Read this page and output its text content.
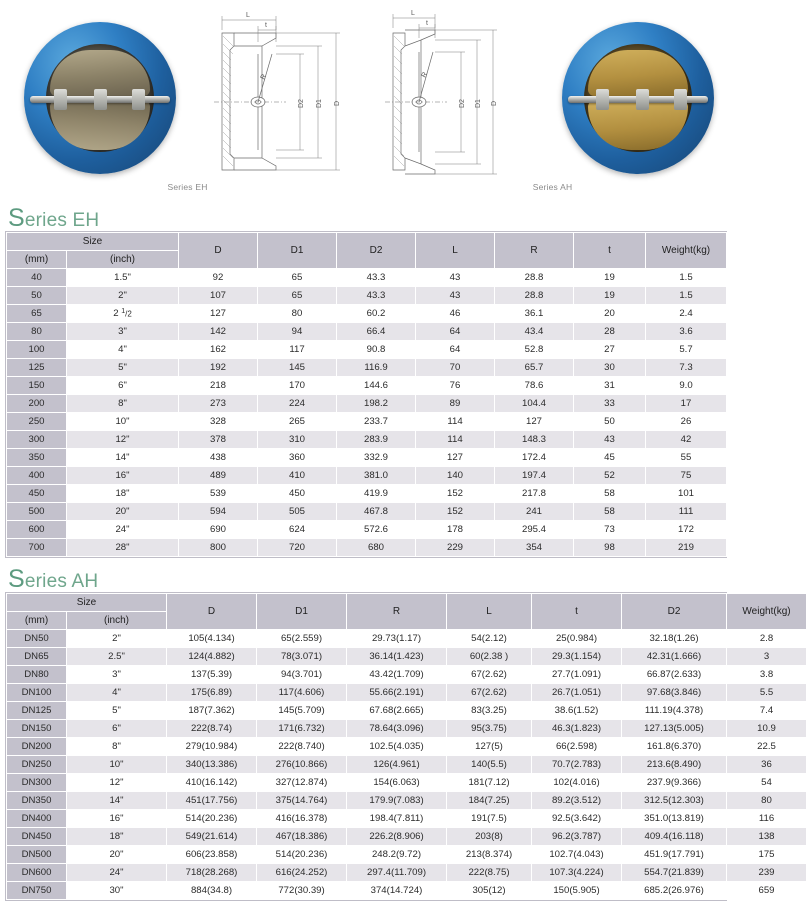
L
t
R
D2 D1 D
L
t
R
D2 D1 D
Series EH	Series AH
Series EH
Size		D	D1	D2	L	R	t	Weight(kg)
(mm)	(inch)							
40	1.5"	92	65	43.3	43	28.8	19	1.5
50	2"	107	65	43.3	43	28.8	19	1.5
65	2 $^1$/2	127	80	60.2	46	36.1	20	2.4
80	3"	142	94	66.4	64	43.4	28	3.6
100	4"	162	117	90.8	64	52.8	27	5.7
125	5"	192	145	116.9	70	65.7	30	7.3
150	6"	218	170	144.6	76	78.6	31	9.0
200	8"	273	224	198.2	89	104.4	33	17
250	10"	328	265	233.7	114	127	50	26
300	12"	378	310	283.9	114	148.3	43	42
350	14"	438	360	332.9	127	172.4	45	55
400	16"	489	410	381.0	140	197.4	52	75
450	18"	539	450	419.9	152	217.8	58	101
500	20"	594	505	467.8	152	241	58	111
600	24"	690	624	572.6	178	295.4	73	172
700	28"	800	720	680	229	354	98	219
Series AH
Size		D	D1	R	L	t	D2	Weight(kg)
(mm)	(inch)							
DN50	2"	105(4.134)	65(2.559)	29.73(1.17)	54(2.12)	25(0.984)	32.18(1.26)	2.8
DN65	2.5"	124(4.882)	78(3.071)	36.14(1.423)	60(2.38 )	29.3(1.154)	42.31(1.666)	3
DN80	3"	137(5.39)	94(3.701)	43.42(1.709)	67(2.62)	27.7(1.091)	66.87(2.633)	3.8
DN100	4"	175(6.89)	117(4.606)	55.66(2.191)	67(2.62)	26.7(1.051)	97.68(3.846)	5.5
DN125	5"	187(7.362)	145(5.709)	67.68(2.665)	83(3.25)	38.6(1.52)	111.19(4.378)	7.4
DN150	6"	222(8.74)	171(6.732)	78.64(3.096)	95(3.75)	46.3(1.823)	127.13(5.005)	10.9
DN200	8"	279(10.984)	222(8.740)	102.5(4.035)	127(5)	66(2.598)	161.8(6.370)	22.5
DN250	10"	340(13.386)	276(10.866)	126(4.961)	140(5.5)	70.7(2.783)	213.6(8.490)	36
DN300	12"	410(16.142)	327(12.874)	154(6.063)	181(7.12)	102(4.016)	237.9(9.366)	54
DN350	14"	451(17.756)	375(14.764)	179.9(7.083)	184(7.25)	89.2(3.512)	312.5(12.303)	80
DN400	16"	514(20.236)	416(16.378)	198.4(7.811)	191(7.5)	92.5(3.642)	351.0(13.819)	116
DN450	18"	549(21.614)	467(18.386)	226.2(8.906)	203(8)	96.2(3.787)	409.4(16.118)	138
DN500	20"	606(23.858)	514(20.236)	248.2(9.72)	213(8.374)	102.7(4.043)	451.9(17.791)	175
DN600	24"	718(28.268)	616(24.252)	297.4(11.709)	222(8.75)	107.3(4.224)	554.7(21.839)	239
DN750	30"	884(34.8)	772(30.39)	374(14.724)	305(12)	150(5.905)	685.2(26.976)	659
